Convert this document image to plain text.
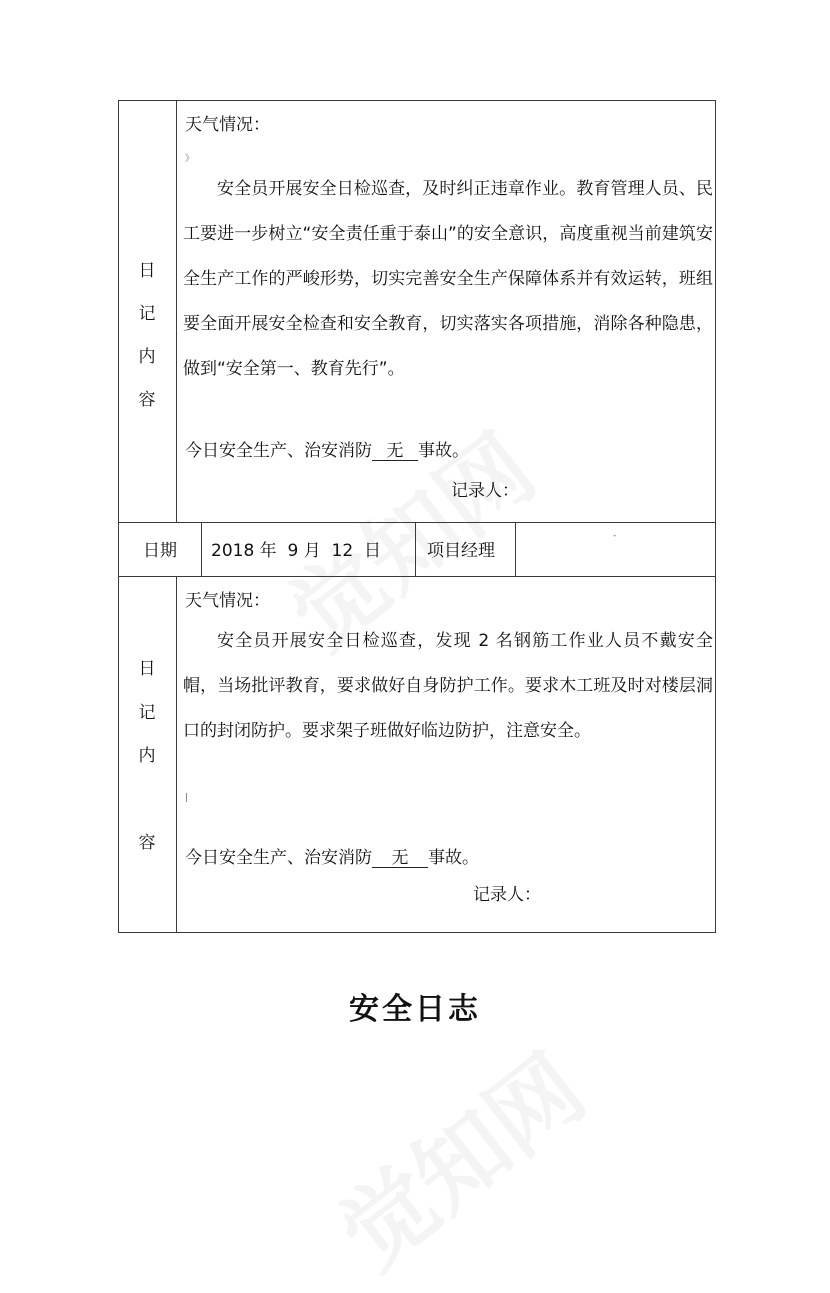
日
记
内
容
天气情况：
》
安全员开展安全日检巡查，及时纠正违章作业。教育管理人员、民工要进一步树立“安全责任重于泰山”的安全意识，高度重视当前建筑安全生产工作的严峻形势，切实完善安全生产保障体系并有效运转，班组要全面开展安全检查和安全教育，切实落实各项措施，消除各种隐患，做到“安全第一、教育先行”。
今日安全生产、治安消防 无 事故。
记录人：
日期 2018 年  9 月  12  日	项目经理
-
日
记
内
容
天气情况：
安全员开展安全日检巡查，发现 2 名钢筋工作业人员不戴安全帽，当场批评教育，要求做好自身防护工作。要求木工班及时对楼层洞口的封闭防护。要求架子班做好临边防护，注意安全。
|
今日安全生产、治安消防 无 事故。
记录人：
安全日志
